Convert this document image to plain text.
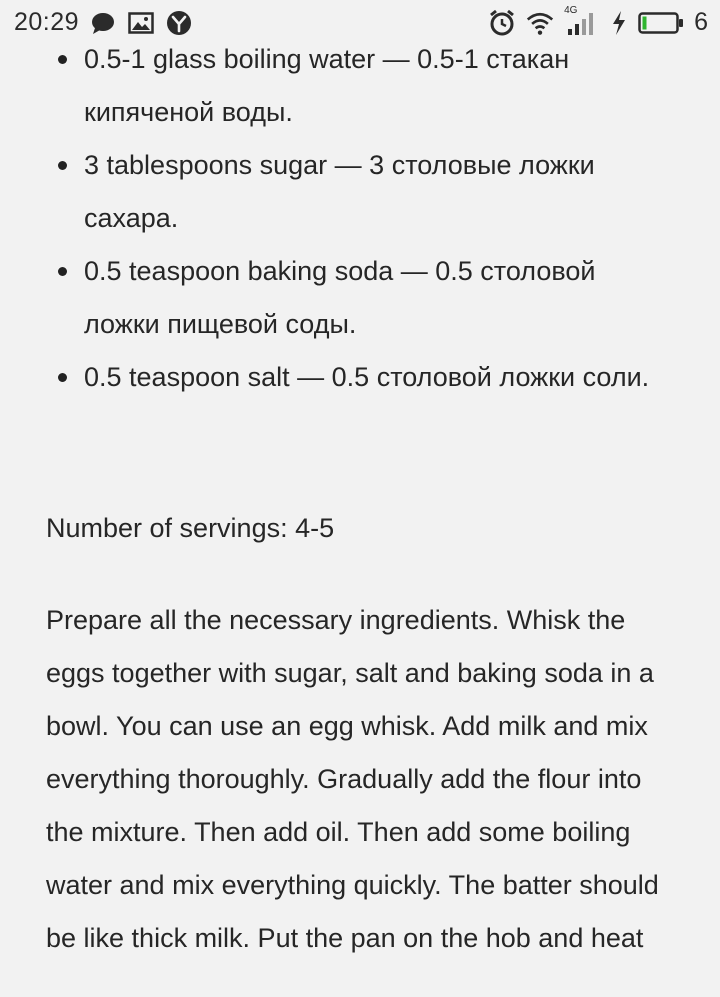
0.5-1 glass boiling water — 0.5-1 стакан кипяченой воды.
3 tablespoons sugar — 3 столовые ложки сахара.
0.5 teaspoon baking soda — 0.5 столовой ложки пищевой соды.
0.5 teaspoon salt — 0.5 столовой ложки соли.
Number of servings: 4-5

Prepare all the necessary ingredients. Whisk the eggs together with sugar, salt and baking soda in a bowl. You can use an egg whisk. Add milk and mix everything thoroughly. Gradually add the flour into the mixture. Then add oil. Then add some boiling water and mix everything quickly. The batter should be like thick milk. Put the pan on the hob and heat

20:29	4G	6
